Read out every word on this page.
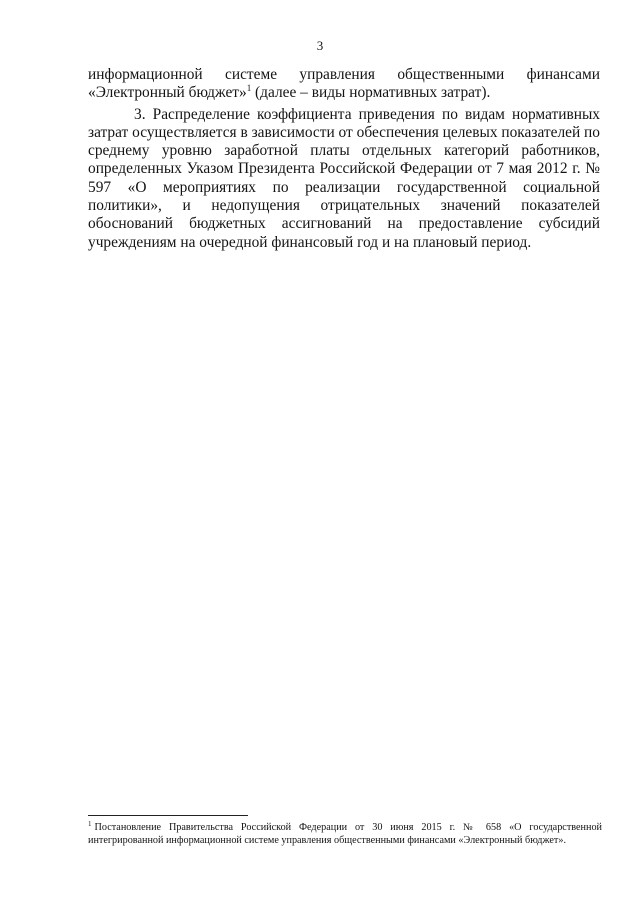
3

информационной системе управления общественными финансами «Электронный бюджет»$^1$ (далее – виды нормативных затрат).

3. Распределение коэффициента приведения по видам нормативных затрат осуществляется в зависимости от обеспечения целевых показателей по среднему уровню заработной платы отдельных категорий работников, определенных Указом Президента Российской Федерации от 7 мая 2012 г. № 597 «О мероприятиях по реализации государственной социальной политики», и недопущения отрицательных значений показателей обоснований бюджетных ассигнований на предоставление субсидий учреждениям на очередной финансовый год и на плановый период.

$^1$ Постановление Правительства Российской Федерации от 30 июня 2015 г. № 658 «О государственной интегрированной информационной системе управления общественными финансами «Электронный бюджет».
